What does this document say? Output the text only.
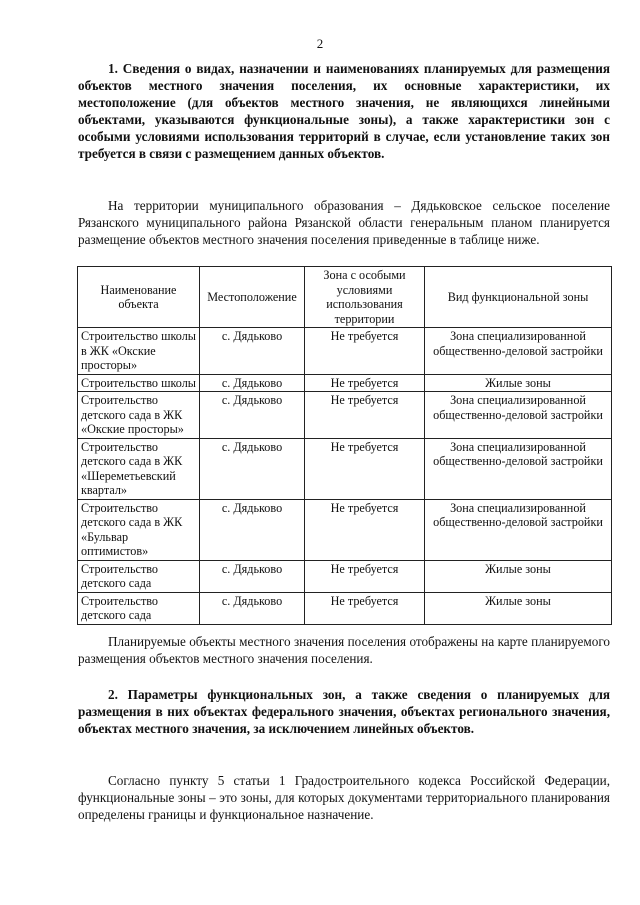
2

1. Сведения о видах, назначении и наименованиях планируемых для размещения объектов местного значения поселения, их основные характеристики, их местоположение (для объектов местного значения, не являющихся линейными объектами, указываются функциональные зоны), а также характеристики зон с особыми условиями использования территорий в случае, если установление таких зон требуется в связи с размещением данных объектов.

На территории муниципального образования – Дядьковское сельское поселение Рязанского муниципального района Рязанской области генеральным планом планируется размещение объектов местного значения поселения приведенные в таблице ниже.

Наименование объекта	Местоположение	Зона с особыми условиями использования территории	Вид функциональной зоны
Строительство школы в ЖК «Окские просторы»	с. Дядьково	Не требуется	Зона специализированной общественно-деловой застройки

Строительство школы	с. Дядьково	Не требуется	Жилые зоны

Строительство детского сада в ЖК «Окские просторы»	с. Дядьково	Не требуется	Зона специализированной общественно-деловой застройки

Строительство детского сада в ЖК «Шереметьевский квартал»	с. Дядьково	Не требуется	Зона специализированной общественно-деловой застройки

Строительство детского сада в ЖК «Бульвар оптимистов»	с. Дядьково	Не требуется	Зона специализированной общественно-деловой застройки

Строительство детского сада	с. Дядьково	Не требуется	Жилые зоны

Строительство детского сада	с. Дядьково	Не требуется	Жилые зоны

Планируемые объекты местного значения поселения отображены на карте планируемого размещения объектов местного значения поселения.

2. Параметры функциональных зон, а также сведения о планируемых для размещения в них объектах федерального значения, объектах регионального значения, объектах местного значения, за исключением линейных объектов.

Согласно пункту 5 статьи 1 Градостроительного кодекса Российской Федерации, функциональные зоны – это зоны, для которых документами территориального планирования определены границы и функциональное назначение.
